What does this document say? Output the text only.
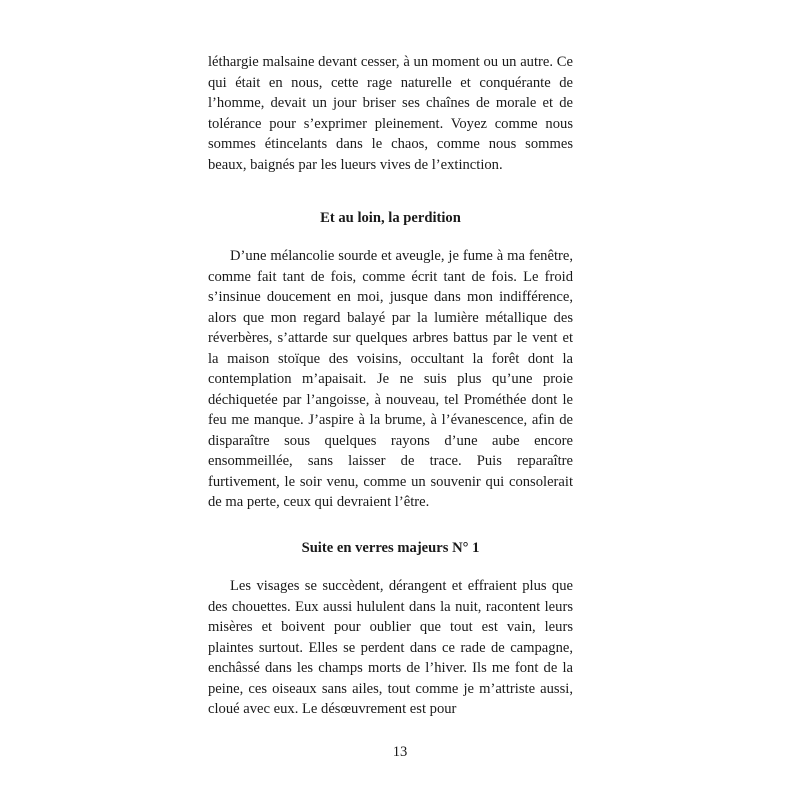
léthargie malsaine devant cesser, à un moment ou un autre. Ce qui était en nous, cette rage naturelle et conquérante de l’homme, devait un jour briser ses chaînes de morale et de tolérance pour s’exprimer pleinement. Voyez comme nous sommes étincelants dans le chaos, comme nous sommes beaux, baignés par les lueurs vives de l’extinction.

Et au loin, la perdition

D’une mélancolie sourde et aveugle, je fume à ma fenêtre, comme fait tant de fois, comme écrit tant de fois. Le froid s’insinue doucement en moi, jusque dans mon indifférence, alors que mon regard balayé par la lumière métallique des réverbères, s’attarde sur quelques arbres battus par le vent et la maison stoïque des voisins, occultant la forêt dont la contemplation m’apaisait. Je ne suis plus qu’une proie déchiquetée par l’angoisse, à nouveau, tel Prométhée dont le feu me manque. J’aspire à la brume, à l’évanescence, afin de disparaître sous quelques rayons d’une aube encore ensommeillée, sans laisser de trace. Puis reparaître furtivement, le soir venu, comme un souvenir qui consolerait de ma perte, ceux qui devraient l’être.

Suite en verres majeurs N° 1

Les visages se succèdent, dérangent et effraient plus que des chouettes. Eux aussi hululent dans la nuit, racontent leurs misères et boivent pour oublier que tout est vain, leurs plaintes surtout. Elles se perdent dans ce rade de campagne, enchâssé dans les champs morts de l’hiver. Ils me font de la peine, ces oiseaux sans ailes, tout comme je m’attriste aussi, cloué avec eux. Le désœuvrement est pour

13
